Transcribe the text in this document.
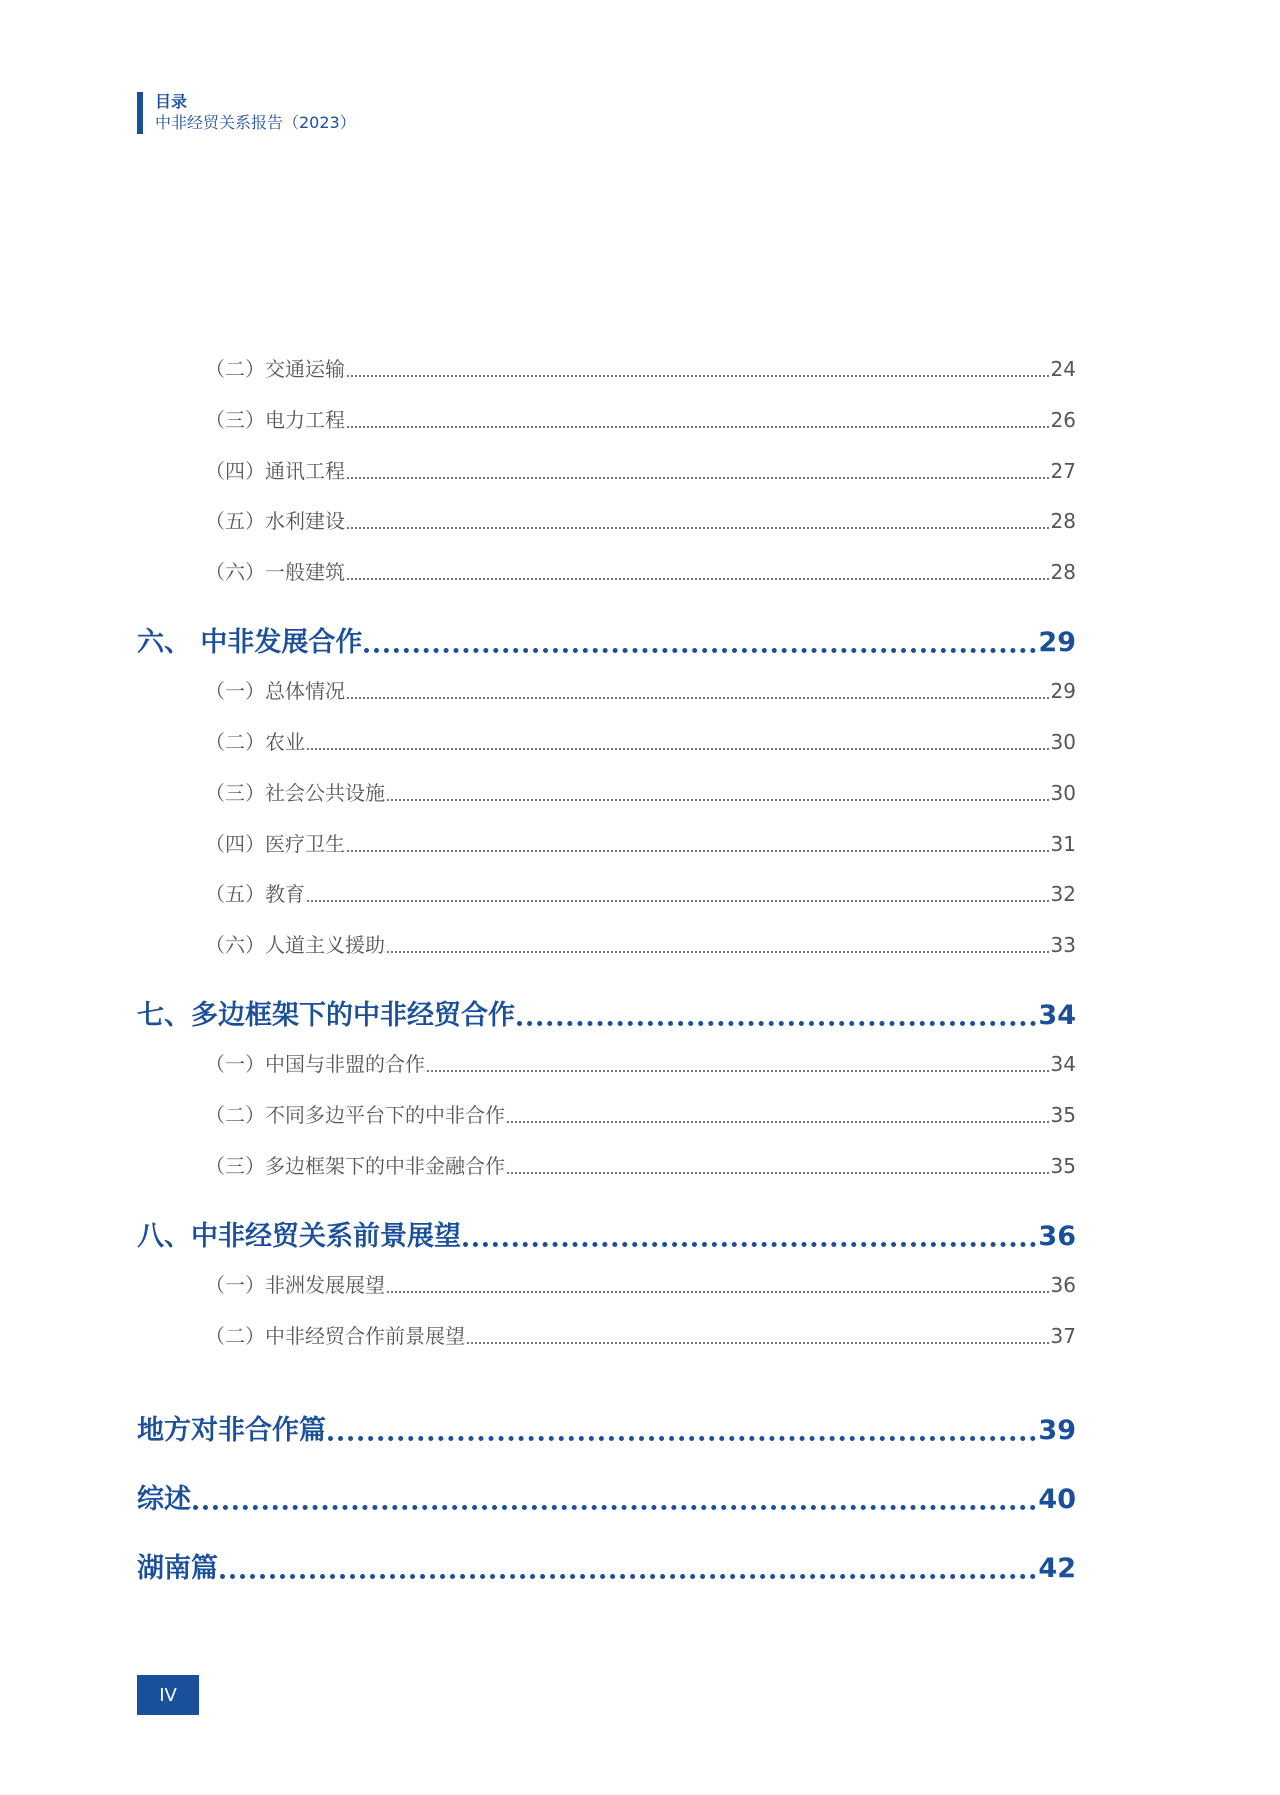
目录
中非经贸关系报告（2023）
（二）交通运输	24
（三）电力工程	26
（四）通讯工程	27
（五）水利建设	28
（六）一般建筑	28
六、 中非发展合作	29
（一）总体情况	29
（二）农业	30
（三）社会公共设施	30
（四）医疗卫生	31
（五）教育	32
（六）人道主义援助	33
七、多边框架下的中非经贸合作	34
（一）中国与非盟的合作	34
（二）不同多边平台下的中非合作	35
（三）多边框架下的中非金融合作	35
八、中非经贸关系前景展望	36
（一）非洲发展展望	36
（二）中非经贸合作前景展望	37
地方对非合作篇	39
综述	40
湖南篇	42
IV
